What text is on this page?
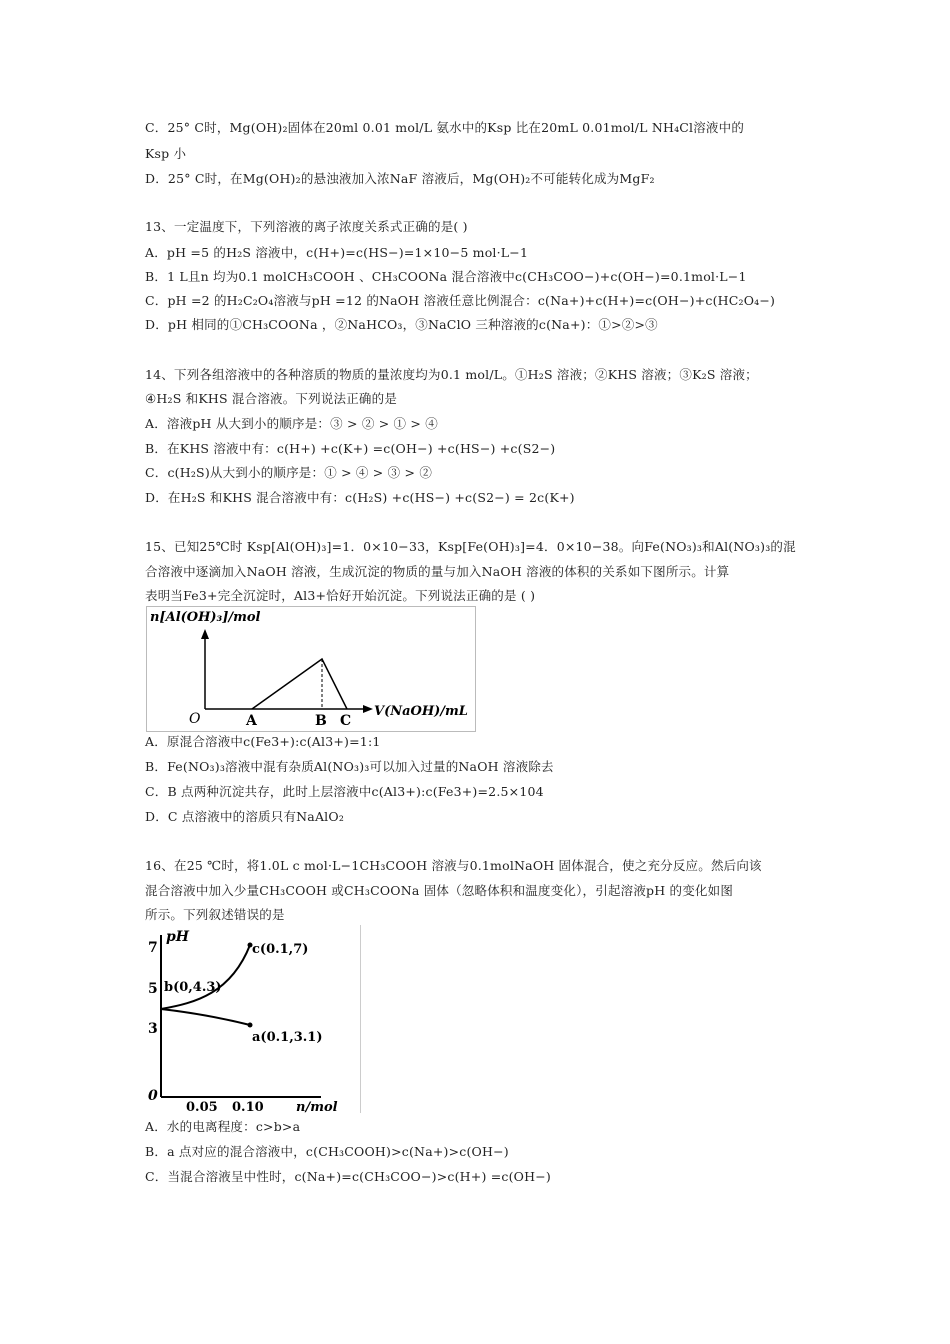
C．25° C时，Mg(OH)₂固体在20ml 0.01 mol/L 氨水中的Ksp 比在20mL 0.01mol/L NH₄Cl溶液中的
Ksp 小
D．25° C时，在Mg(OH)₂的悬浊液加入浓NaF 溶液后，Mg(OH)₂不可能转化成为MgF₂
13、一定温度下，下列溶液的离子浓度关系式正确的是( )
A．pH =5 的H₂S 溶液中，c(H+)=c(HS−)=1×10−5 mol·L−1
B．1 L且n 均为0.1 molCH₃COOH 、CH₃COONa 混合溶液中c(CH₃COO−)+c(OH−)=0.1mol·L−1
C．pH =2 的H₂C₂O₄溶液与pH =12 的NaOH 溶液任意比例混合：c(Na+)+c(H+)=c(OH−)+c(HC₂O₄−)
D．pH 相同的①CH₃COONa ，②NaHCO₃，③NaClO 三种溶液的c(Na+)：①>②>③
14、下列各组溶液中的各种溶质的物质的量浓度均为0.1 mol/L。①H₂S 溶液；②KHS 溶液；③K₂S 溶液；
④H₂S 和KHS 混合溶液。下列说法正确的是
A．溶液pH 从大到小的顺序是：③ > ② > ① > ④
B．在KHS 溶液中有：c(H+) +c(K+) =c(OH−) +c(HS−) +c(S2−)
C．c(H₂S)从大到小的顺序是：① > ④ > ③ > ②
D．在H₂S 和KHS 混合溶液中有：c(H₂S) +c(HS−) +c(S2−) = 2c(K+)
15、已知25℃时 Ksp[Al(OH)₃]=1．0×10−33，Ksp[Fe(OH)₃]=4．0×10−38。向Fe(NO₃)₃和Al(NO₃)₃的混
合溶液中逐滴加入NaOH 溶液，生成沉淀的物质的量与加入NaOH 溶液的体积的关系如下图所示。计算
表明当Fe3+完全沉淀时，Al3+恰好开始沉淀。下列说法正确的是 ( )
n[Al(OH)₃]/mol
O	A	B C
V(NaOH)/mL
A．原混合溶液中c(Fe3+):c(Al3+)=1:1
B．Fe(NO₃)₃溶液中混有杂质Al(NO₃)₃可以加入过量的NaOH 溶液除去
C．B 点两种沉淀共存，此时上层溶液中c(Al3+):c(Fe3+)=2.5×104
D．C 点溶液中的溶质只有NaAlO₂
16、在25 ℃时，将1.0L c mol·L−1CH₃COOH 溶液与0.1molNaOH 固体混合，使之充分反应。然后向该
混合溶液中加入少量CH₃COOH 或CH₃COONa 固体（忽略体积和温度变化），引起溶液pH 的变化如图
所示。下列叙述错误的是
pH
7
5
3
0
b(0,4.3)
c(0.1,7)
a(0.1,3.1)
0.05 0.10 n/mol
A．水的电离程度：c>b>a
B．a 点对应的混合溶液中，c(CH₃COOH)>c(Na+)>c(OH−)
C．当混合溶液呈中性时，c(Na+)=c(CH₃COO−)>c(H+) =c(OH−)
